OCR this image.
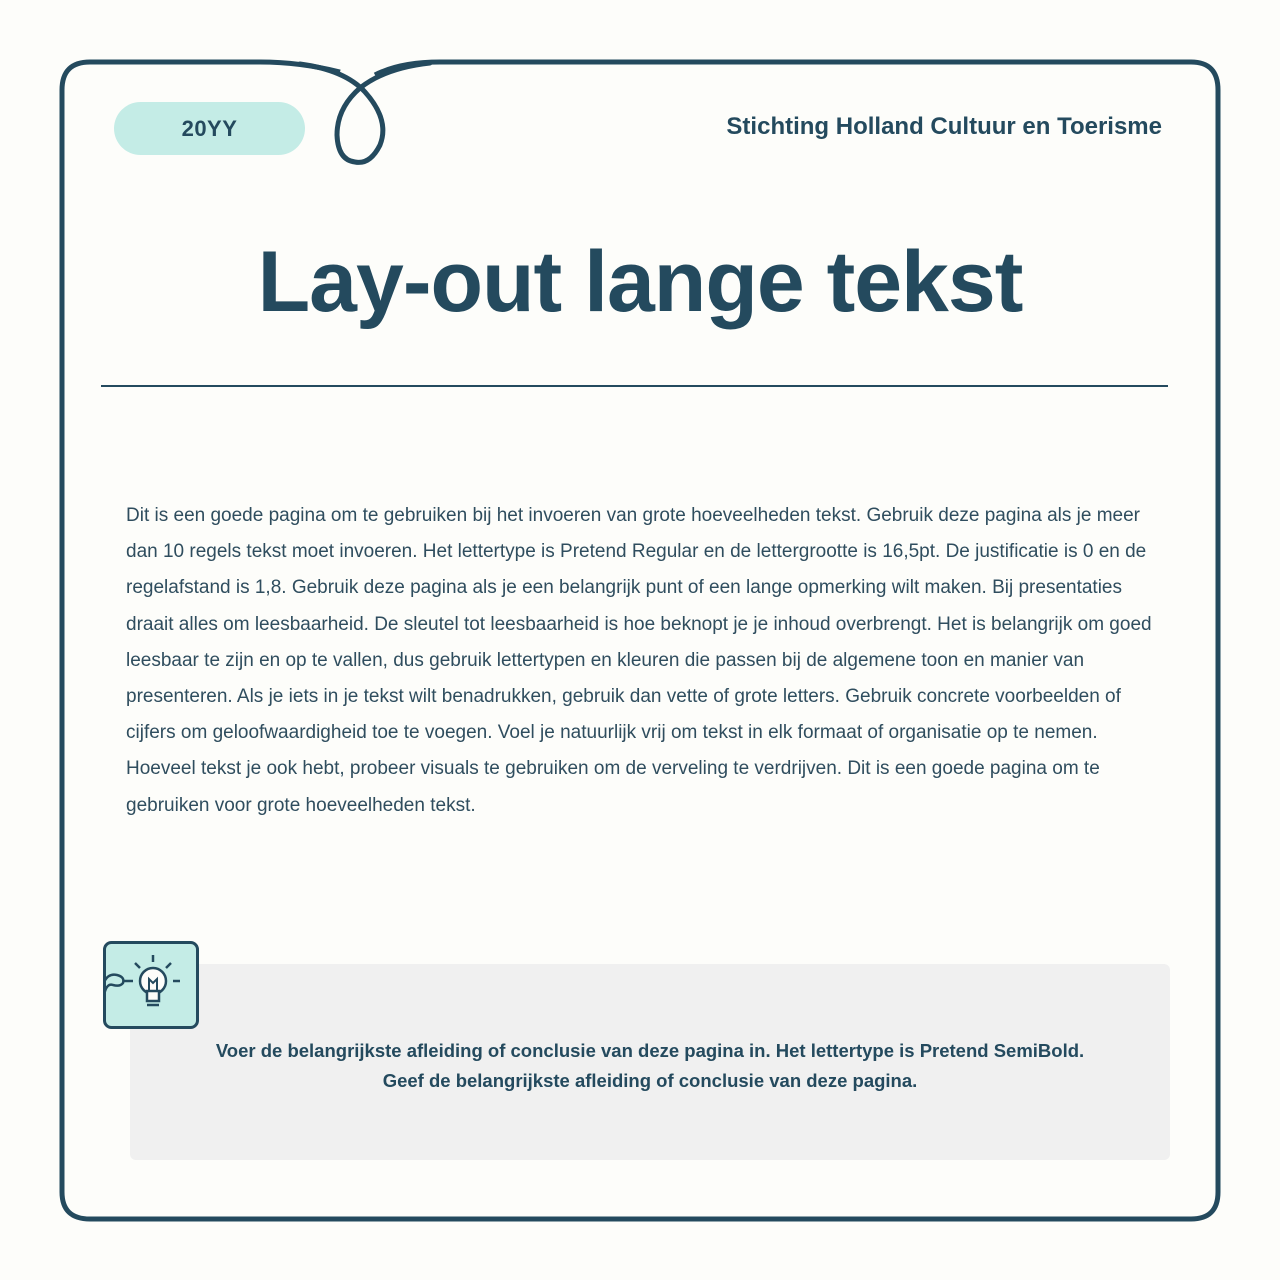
20YY	Stichting Holland Cultuur en Toerisme
Lay-out lange tekst
Dit is een goede pagina om te gebruiken bij het invoeren van grote hoeveelheden tekst. Gebruik deze pagina als je meer dan 10 regels tekst moet invoeren. Het lettertype is Pretend Regular en de lettergrootte is 16,5pt. De justificatie is 0 en de regelafstand is 1,8. Gebruik deze pagina als je een belangrijk punt of een lange opmerking wilt maken. Bij presentaties draait alles om leesbaarheid. De sleutel tot leesbaarheid is hoe beknopt je je inhoud overbrengt. Het is belangrijk om goed leesbaar te zijn en op te vallen, dus gebruik lettertypen en kleuren die passen bij de algemene toon en manier van presenteren. Als je iets in je tekst wilt benadrukken, gebruik dan vette of grote letters. Gebruik concrete voorbeelden of cijfers om geloofwaardigheid toe te voegen. Voel je natuurlijk vrij om tekst in elk formaat of organisatie op te nemen. Hoeveel tekst je ook hebt, probeer visuals te gebruiken om de verveling te verdrijven. Dit is een goede pagina om te gebruiken voor grote hoeveelheden tekst.
Voer de belangrijkste afleiding of conclusie van deze pagina in. Het lettertype is Pretend SemiBold.
Geef de belangrijkste afleiding of conclusie van deze pagina.
